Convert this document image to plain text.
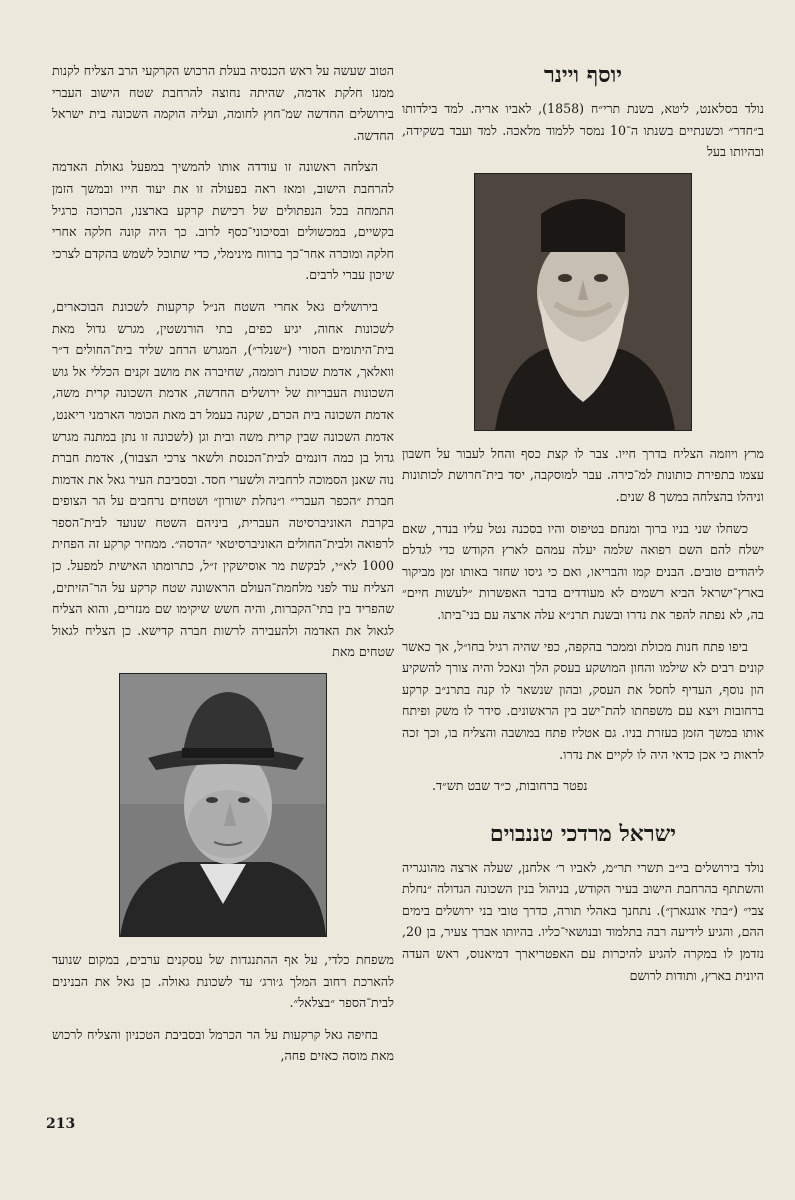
יוסף ויינר

נולד בסלאנט, ליטא, בשנת תרי״ח (1858), לאביו אריה. למד בילדותו ב״חדר״ וכשנתיים בשנתו ה־10 נמסר ללמוד מלאכה. למד ועבד בשקידה, ובהיותו בעל

מרץ ויוזמה הצליח בדרך חייו. צבר לו קצת כסף והחל לעבור על חשבון עצמו בתפירת כותונות למ־כירה. עבר למוסקבה, יסד בית־חרושת לכותונות וניהלו בהצלחה במשך 8 שנים.

כשחלו שני בניו ברוך ומנחם בטיפוס והיו בסכנה נטל עליו בנדר, שאם ישלח להם השם רפואה שלמה יעלה עמהם לארץ הקודש כדי לגדלם ליהודים טובים. הבנים קמו והבריאו, ואם כי גיסו שחזר באותו זמן מביקור בארץ־ישראל הביא רשמים לא מעודדים בדבר האפשרות ״לעשות חיים״ בה, לא נפתה להפר את נדרו ובשנת תרנ״א עלה ארצה עם בני־ביתו.

ביפו פתח חנות מכולת וממכר בהקפה, כפי שהיה רגיל בחו״ל, אך כאשר קונים רבים לא שילמו והחון המושקע בעסק הלך ונאכל והיה צורך להשקיע הון נוסף, העדיף לחסל את העסק, ובהון שנשאר לו קנה בתרנ״ב קרקע ברחובות ויצא עם משפחתו להת־ישב בין הראשונים. סידר לו משק ופיתח אותו במשך הזמן בעזרת בניו. גם אטליז פתח במושבה והצליח בו, וכך זכה לראות כי אכן כדאי היה לו לקיים את נדרו.

נפטר ברחובות, כ״ד שבט תש״ד.

ישראל מרדכי טננבוים

נולד בירושלים בי״ב תשרי תר״מ, לאביו ר׳ אלחנן, שעלה ארצה מהונגריה והשתתף בהרחבת הישוב בעיר הקודש, בניהול בנין השכונה הגדולה ״נחלת צבי״ (״בתי אונגארן״). נתחנך באהלי תורה, כדרך טובי בני ירושלים בימים ההם, והגיע לידיעה רבה בתלמוד ובנושאי־כליו. בהיותו אברך צעיר, בן 20, נזדמן לו במקרה להגיע להיכרות עם האפטריארך דמיאנוס, ראש העדה היונית בארץ, ותודות לרושם

הטוב שעשה על ראש הכנסיה בעלת הרכוש הקרקעי הרב הצליח לקנות ממנו חלקת אדמה, שהיתה נחוצה להרחבת שטח הישוב העברי בירושלים החדשה שמ־חוץ לחומה, ועליה הוקמה השכונה בית ישראל החדשה.

הצלחה ראשונה זו עודדה אותו להמשיך במפעל גאולת האדמה להרחבת הישוב, ומאז ראה בפעולה זו את יעוד חייו ובמשך הזמן התמחה בכל הנפתולים של רכישת קרקע בארצנו, הכרוכה כרגיל בקשיים, במכשולים ובסיכוני־כסף לרוב. כך היה קונה חלקה אחרי חלקה ומוכרה אחר־כך ברווח מינימלי, כדי שתוכל לשמש בהקדם לצרכי שיכון עברי לרבים.

בירושלים גאל אחרי השטח הנ״ל קרקעות לשכונת הבוכארים, לשכונות אחוה, יגיע כפים, בתי הורנשטין, מגרש גדול מאת בית־היתומים הסורי (״שנלר״), המגרש הרחב שליד בית־החולים ד״ר וואלאך, אדמת שכונת רוממה, שחיברה את מושב זקנים הכללי אל גוש השכונות העבריות של ירושלים החדשה, אדמת השכונה קרית משה, אדמת השכונה בית הכרם, שקנה בעמל רב מאת הכומר הארמני ריאנט, אדמת השכונה שבין קרית משה ובית וגן (לשכונה זו נתן במתנה מגרש גדול בן כמה דונמים לבית־הכנסת ולשאר צרכי הצבור), אדמת חברת נוה שאנן הסמוכה לרחביה ולשערי חסד. ובסביבת העיר גאל את אדמות חברת ״הכפר העברי״ ו״נחלת ישורון״ ושטחים נרחבים על הר הצופים בקרבת האוניברסיטה העברית, ביניהם השטח שנועד לבית־הספר לרפואה ולבית־החולים האוניברסיטאי ״הדסה״. ממחיר קרקע זה הפחית 1000 לא״י, לבקשת מר אוסישקין ז״ל, כתרומתו האישית למפעל. כן הצליח עוד לפני מלחמת־העולם הראשונה שטח קרקע על הר־הזיתים, שהפריד בין בתי־הקברות, והיה חשש שיקימו שם מנזרים, והוא הצליח לגאול את האדמה ולהעבירה לרשות חברה קדישא. כן הצליח לגאול שטחים מאת

משפחת כלדי, על אף ההתנגדות של עסקנים ערבים, במקום שנועד להארכת רחוב המלך ג׳ורג׳ עד לשכונת גאולה. כן גאל את הבנינים לבית־הספר ״בצלאל״.

בחיפה גאל קרקעות על הר הכרמל ובסביבת הטכניון והצליח לרכוש מאת מוסה כאזים פחה,

213
